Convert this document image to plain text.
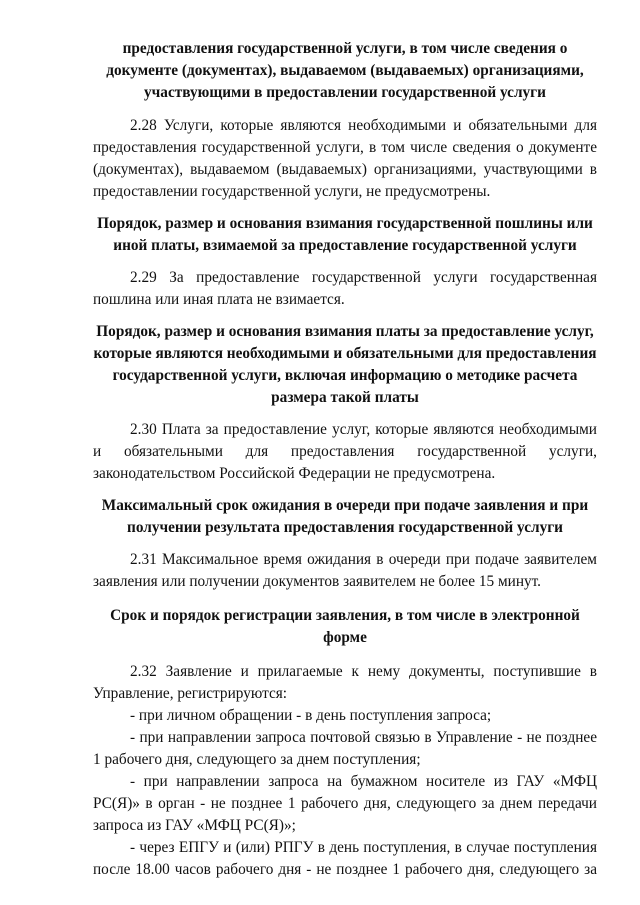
предоставления государственной услуги, в том числе сведения о документе (документах), выдаваемом (выдаваемых) организациями, участвующими в предоставлении государственной услуги

2.28 Услуги, которые являются необходимыми и обязательными для предоставления государственной услуги, в том числе сведения о документе (документах), выдаваемом (выдаваемых) организациями, участвующими в предоставлении государственной услуги, не предусмотрены.

Порядок, размер и основания взимания государственной пошлины или иной платы, взимаемой за предоставление государственной услуги

2.29 За предоставление государственной услуги государственная пошлина или иная плата не взимается.

Порядок, размер и основания взимания платы за предоставление услуг, которые являются необходимыми и обязательными для предоставления государственной услуги, включая информацию о методике расчета размера такой платы

2.30 Плата за предоставление услуг, которые являются необходимыми и обязательными для предоставления государственной услуги, законодательством Российской Федерации не предусмотрена.

Максимальный срок ожидания в очереди при подаче заявления и при получении результата предоставления государственной услуги

2.31 Максимальное время ожидания в очереди при подаче заявителем заявления или получении документов заявителем не более 15 минут.

Срок и порядок регистрации заявления, в том числе в электронной форме

2.32 Заявление и прилагаемые к нему документы, поступившие в Управление, регистрируются:

- при личном обращении - в день поступления запроса;

- при направлении запроса почтовой связью в Управление - не позднее 1 рабочего дня, следующего за днем поступления;

- при направлении запроса на бумажном носителе из ГАУ «МФЦ РС(Я)» в орган - не позднее 1 рабочего дня, следующего за днем передачи запроса из ГАУ «МФЦ РС(Я)»;

- через ЕПГУ и (или) РПГУ в день поступления, в случае поступления после 18.00 часов рабочего дня - не позднее 1 рабочего дня, следующего за
